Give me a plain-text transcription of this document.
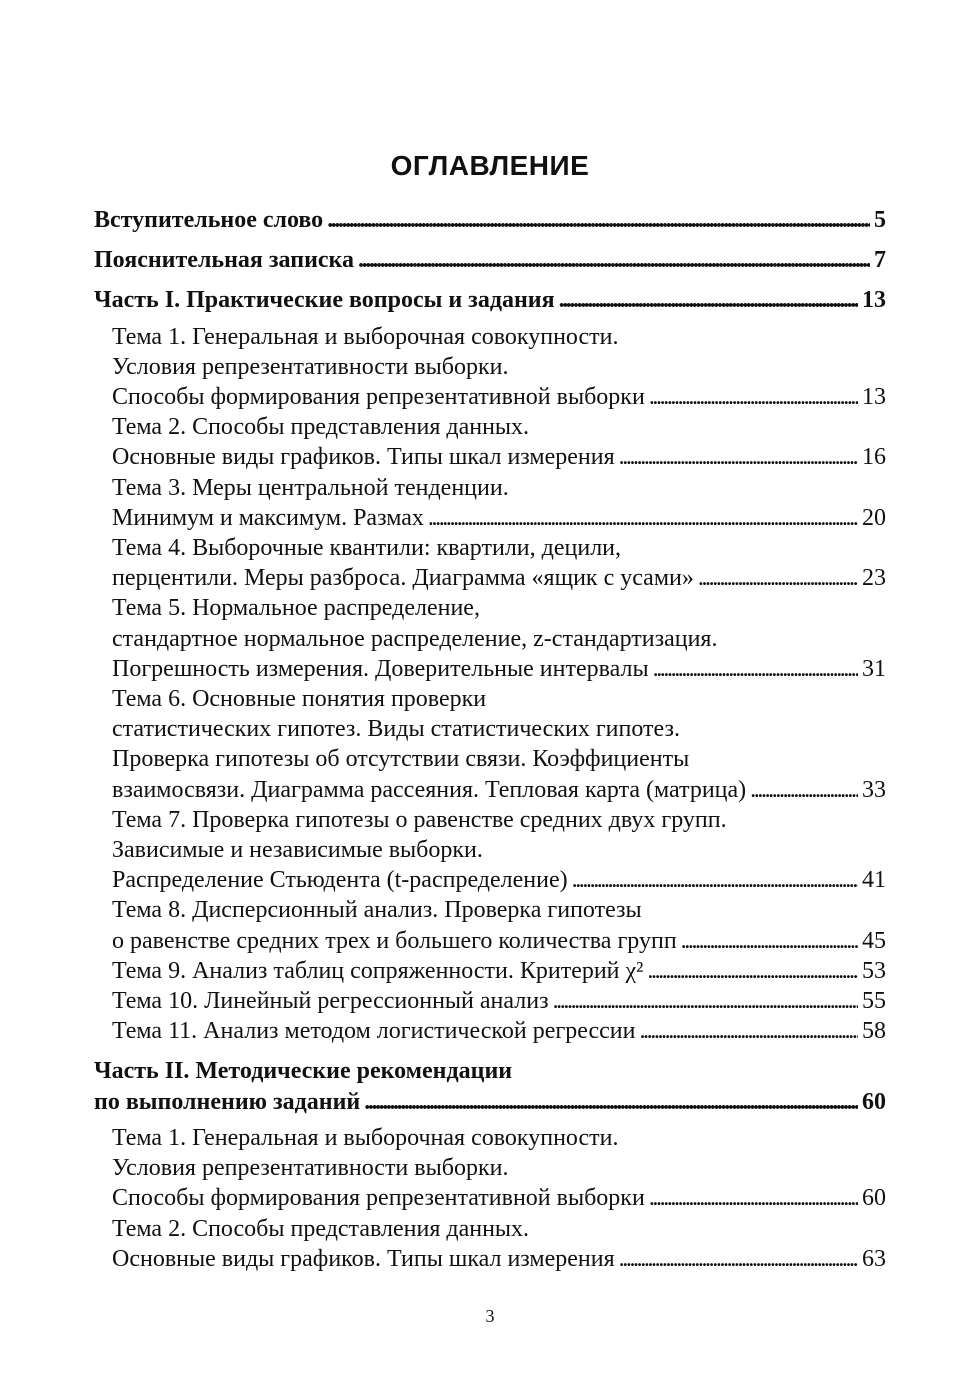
ОГЛАВЛЕНИЕ
Вступительное слово . . .	5
Пояснительная записка . . .	7
Часть I. Практические вопросы и задания . . .	13
Тема 1. Генеральная и выборочная совокупности.
Условия репрезентативности выборки.
Способы формирования репрезентативной выборки . . .	13
Тема 2. Способы представления данных.
Основные виды графиков. Типы шкал измерения . . .	16
Тема 3. Меры центральной тенденции.
Минимум и максимум. Размах . . .	20
Тема 4. Выборочные квантили: квартили, децили,
перцентили. Меры разброса. Диаграмма «ящик с усами» . . .	23
Тема 5. Нормальное распределение,
стандартное нормальное распределение, z-стандартизация.
Погрешность измерения. Доверительные интервалы . . .	31
Тема 6. Основные понятия проверки
статистических гипотез. Виды статистических гипотез.
Проверка гипотезы об отсутствии связи. Коэффициенты
взаимосвязи. Диаграмма рассеяния. Тепловая карта (матрица) . . .	33
Тема 7. Проверка гипотезы о равенстве средних двух групп.
Зависимые и независимые выборки.
Распределение Стьюдента (t-распределение) . . .	41
Тема 8. Дисперсионный анализ. Проверка гипотезы
о равенстве средних трех и большего количества групп . . .	45
Тема 9. Анализ таблиц сопряженности. Критерий χ² . . .	53
Тема 10. Линейный регрессионный анализ . . .	55
Тема 11. Анализ методом логистической регрессии . . .	58
Часть II. Методические рекомендации
по выполнению заданий . . .	60
Тема 1. Генеральная и выборочная совокупности.
Условия репрезентативности выборки.
Способы формирования репрезентативной выборки . . .	60
Тема 2. Способы представления данных.
Основные виды графиков. Типы шкал измерения . . .	63
3
